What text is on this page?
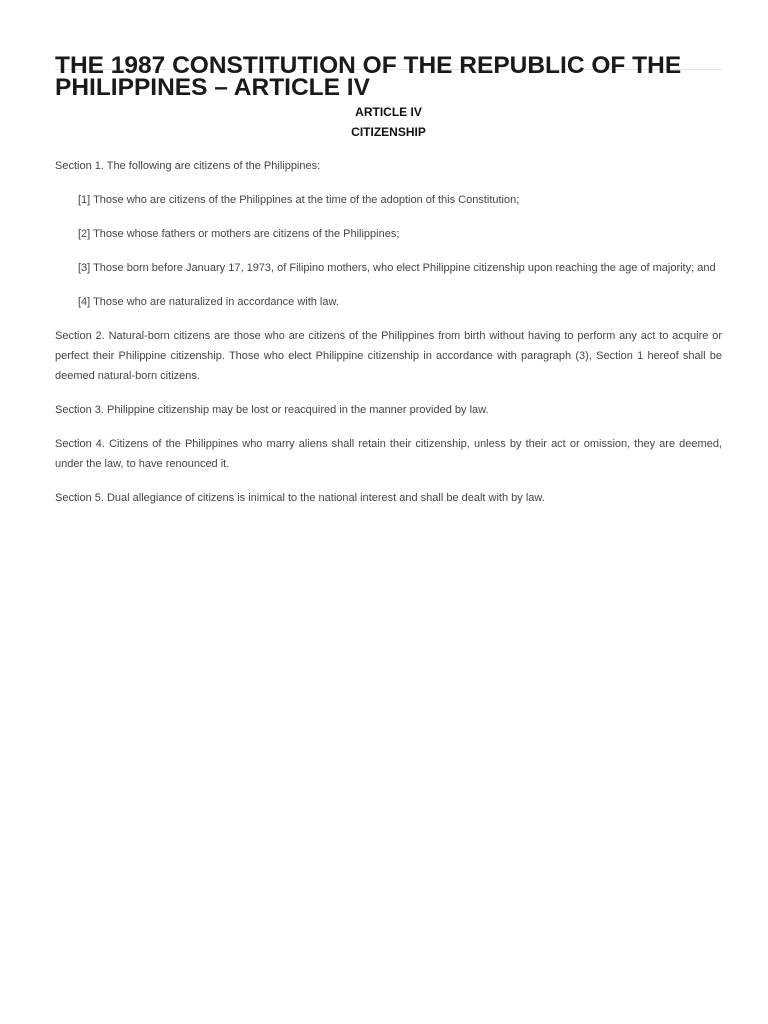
THE 1987 CONSTITUTION OF THE REPUBLIC OF THE PHILIPPINES – ARTICLE IV
ARTICLE IV
CITIZENSHIP

Section 1. The following are citizens of the Philippines:

[1] Those who are citizens of the Philippines at the time of the adoption of this Constitution;

[2] Those whose fathers or mothers are citizens of the Philippines;

[3] Those born before January 17, 1973, of Filipino mothers, who elect Philippine citizenship upon reaching the age of majority; and

[4] Those who are naturalized in accordance with law.

Section 2. Natural-born citizens are those who are citizens of the Philippines from birth without having to perform any act to acquire or perfect their Philippine citizenship. Those who elect Philippine citizenship in accordance with paragraph (3), Section 1 hereof shall be deemed natural-born citizens.

Section 3. Philippine citizenship may be lost or reacquired in the manner provided by law.

Section 4. Citizens of the Philippines who marry aliens shall retain their citizenship, unless by their act or omission, they are deemed, under the law, to have renounced it.

Section 5. Dual allegiance of citizens is inimical to the national interest and shall be dealt with by law.
